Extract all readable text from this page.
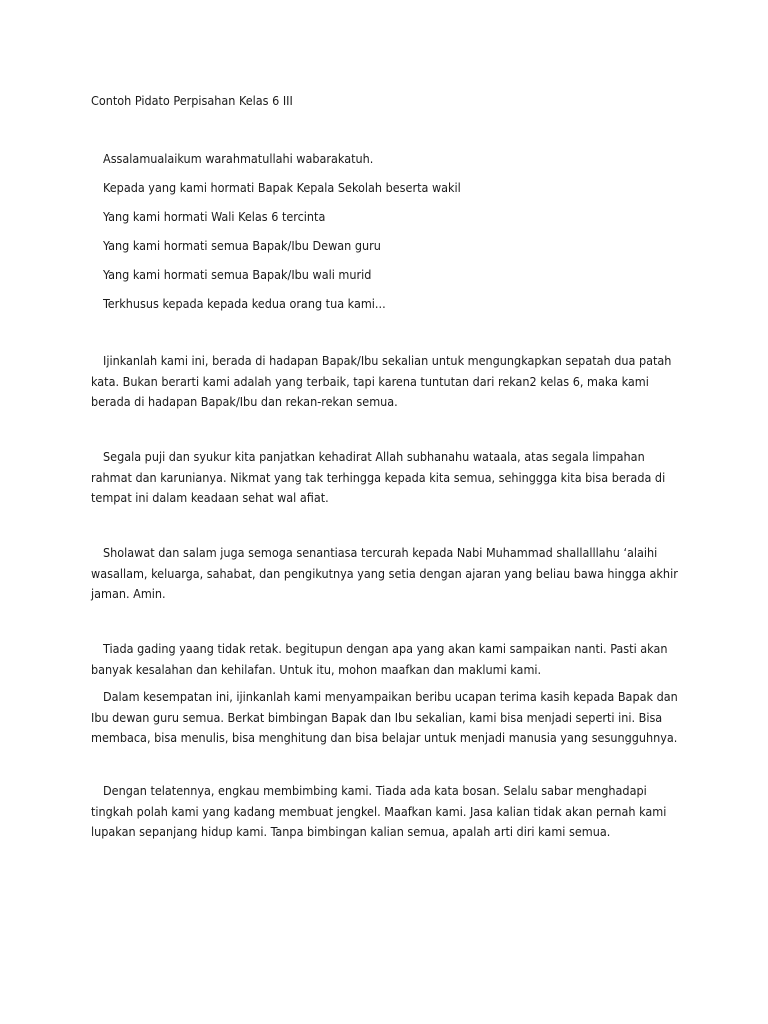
Contoh Pidato Perpisahan Kelas 6 III
Assalamualaikum warahmatullahi wabarakatuh.
Kepada yang kami hormati Bapak Kepala Sekolah beserta wakil
Yang kami hormati Wali Kelas 6 tercinta
Yang kami hormati semua Bapak/Ibu Dewan guru
Yang kami hormati semua Bapak/Ibu wali murid
Terkhusus kepada kepada kedua orang tua kami...

Ijinkanlah kami ini, berada di hadapan Bapak/Ibu sekalian untuk mengungkapkan sepatah dua patah kata. Bukan berarti kami adalah yang terbaik, tapi karena tuntutan dari rekan2 kelas 6, maka kami berada di hadapan Bapak/Ibu dan rekan-rekan semua.

Segala puji dan syukur kita panjatkan kehadirat Allah subhanahu wataala, atas segala limpahan rahmat dan karunianya. Nikmat yang tak terhingga kepada kita semua, sehinggga kita bisa berada di tempat ini dalam keadaan sehat wal afiat.

Sholawat dan salam juga semoga senantiasa tercurah kepada Nabi Muhammad shallalllahu ‘alaihi wasallam, keluarga, sahabat, dan pengikutnya yang setia dengan ajaran yang beliau bawa hingga akhir jaman. Amin.

Tiada gading yaang tidak retak. begitupun dengan apa yang akan kami sampaikan nanti. Pasti akan banyak kesalahan dan kehilafan. Untuk itu, mohon maafkan dan maklumi kami.

Dalam kesempatan ini, ijinkanlah kami menyampaikan beribu ucapan terima kasih kepada Bapak dan Ibu dewan guru semua. Berkat bimbingan Bapak dan Ibu sekalian, kami bisa menjadi seperti ini. Bisa membaca, bisa menulis, bisa menghitung dan bisa belajar untuk menjadi manusia yang sesungguhnya.

Dengan telatennya, engkau membimbing kami. Tiada ada kata bosan. Selalu sabar menghadapi tingkah polah kami yang kadang membuat jengkel. Maafkan kami. Jasa kalian tidak akan pernah kami lupakan sepanjang hidup kami. Tanpa bimbingan kalian semua, apalah arti diri kami semua.
